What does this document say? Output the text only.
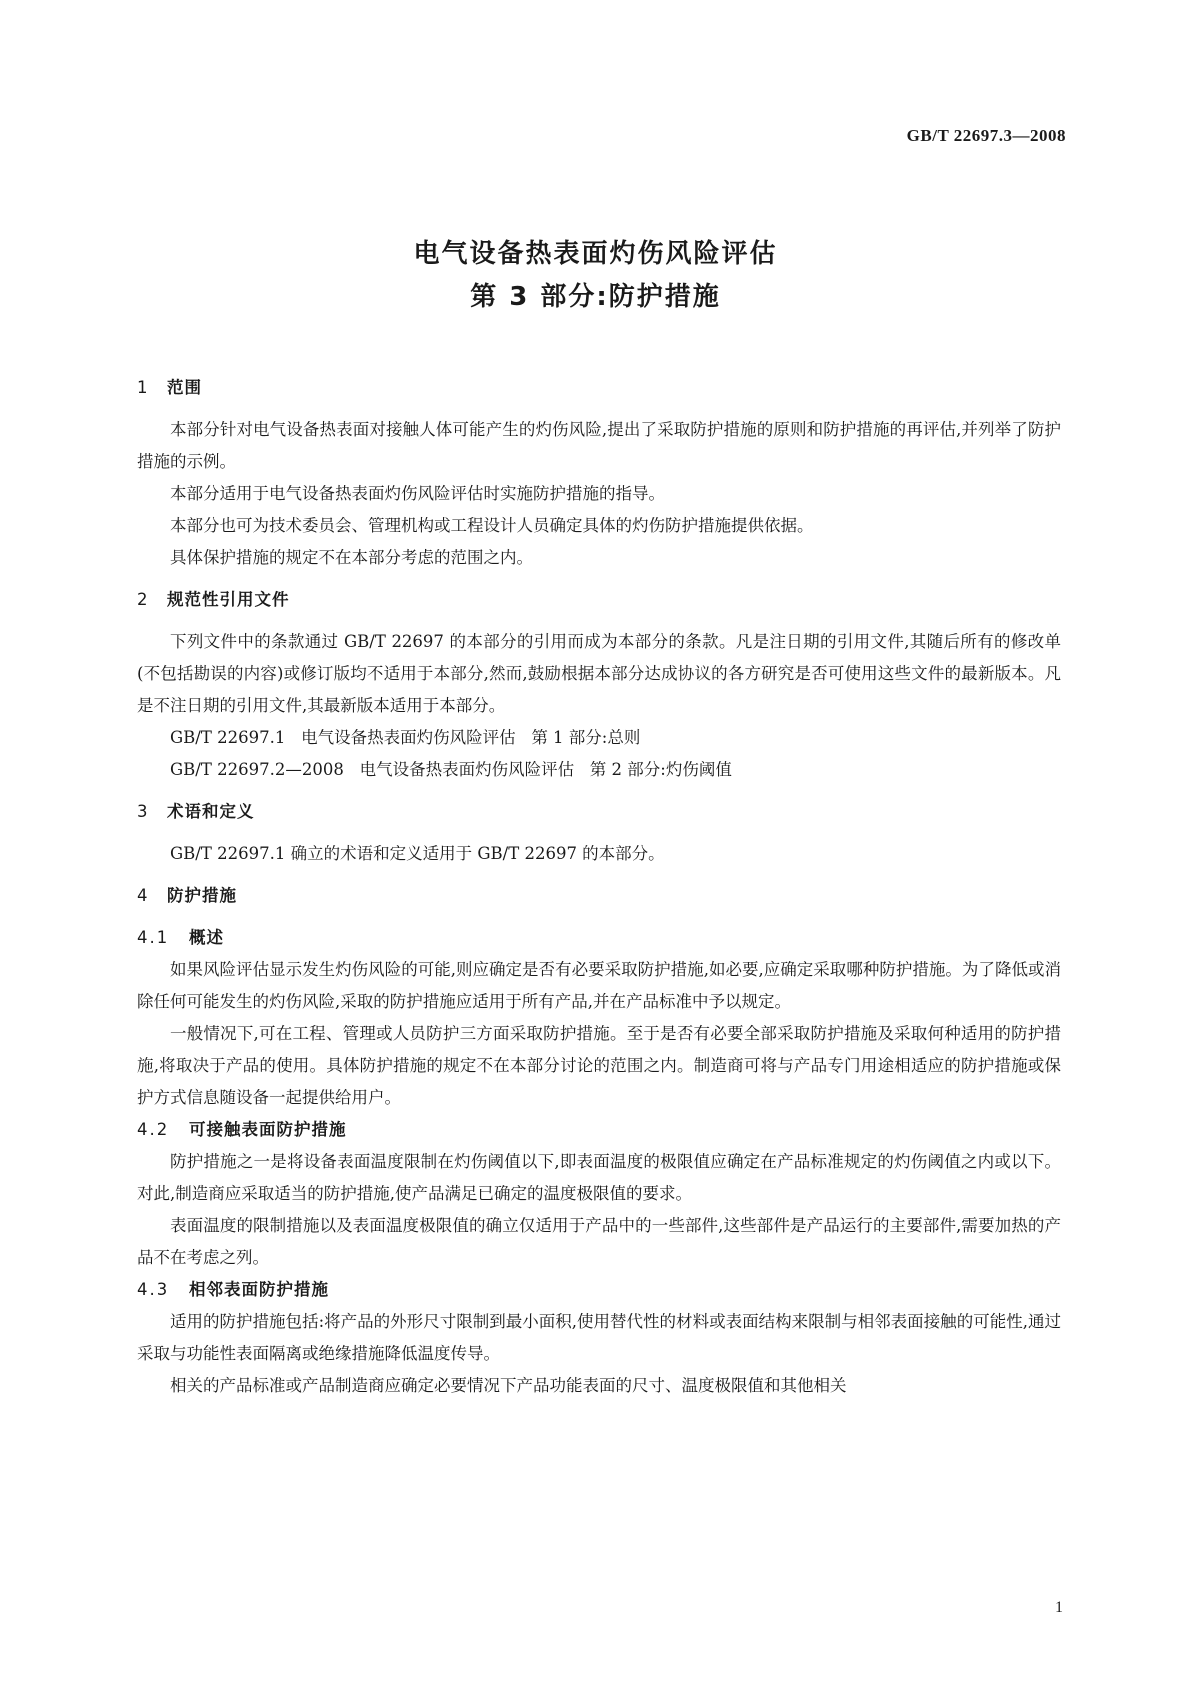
GB/T 22697.3—2008
电气设备热表面灼伤风险评估
第 3 部分:防护措施
1 范围

本部分针对电气设备热表面对接触人体可能产生的灼伤风险,提出了采取防护措施的原则和防护措施的再评估,并列举了防护措施的示例。

本部分适用于电气设备热表面灼伤风险评估时实施防护措施的指导。

本部分也可为技术委员会、管理机构或工程设计人员确定具体的灼伤防护措施提供依据。

具体保护措施的规定不在本部分考虑的范围之内。

2 规范性引用文件

下列文件中的条款通过 GB/T 22697 的本部分的引用而成为本部分的条款。凡是注日期的引用文件,其随后所有的修改单(不包括勘误的内容)或修订版均不适用于本部分,然而,鼓励根据本部分达成协议的各方研究是否可使用这些文件的最新版本。凡是不注日期的引用文件,其最新版本适用于本部分。

GB/T 22697.1   电气设备热表面灼伤风险评估   第 1 部分:总则
GB/T 22697.2—2008   电气设备热表面灼伤风险评估   第 2 部分:灼伤阈值
3 术语和定义

GB/T 22697.1 确立的术语和定义适用于 GB/T 22697 的本部分。

4 防护措施
4.1 概述

如果风险评估显示发生灼伤风险的可能,则应确定是否有必要采取防护措施,如必要,应确定采取哪种防护措施。为了降低或消除任何可能发生的灼伤风险,采取的防护措施应适用于所有产品,并在产品标准中予以规定。

一般情况下,可在工程、管理或人员防护三方面采取防护措施。至于是否有必要全部采取防护措施及采取何种适用的防护措施,将取决于产品的使用。具体防护措施的规定不在本部分讨论的范围之内。制造商可将与产品专门用途相适应的防护措施或保护方式信息随设备一起提供给用户。

4.2 可接触表面防护措施

防护措施之一是将设备表面温度限制在灼伤阈值以下,即表面温度的极限值应确定在产品标准规定的灼伤阈值之内或以下。对此,制造商应采取适当的防护措施,使产品满足已确定的温度极限值的要求。

表面温度的限制措施以及表面温度极限值的确立仅适用于产品中的一些部件,这些部件是产品运行的主要部件,需要加热的产品不在考虑之列。

4.3 相邻表面防护措施

适用的防护措施包括:将产品的外形尺寸限制到最小面积,使用替代性的材料或表面结构来限制与相邻表面接触的可能性,通过采取与功能性表面隔离或绝缘措施降低温度传导。

相关的产品标准或产品制造商应确定必要情况下产品功能表面的尺寸、温度极限值和其他相关

1
